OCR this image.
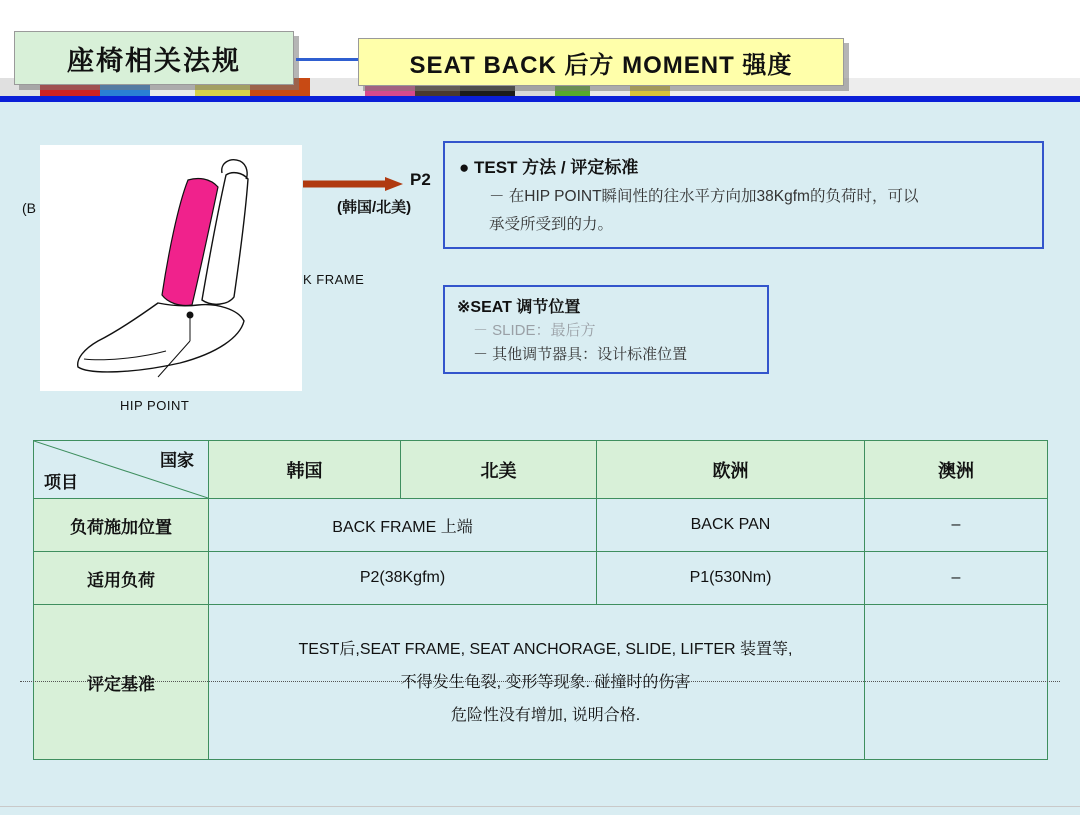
座椅相关法规	SEAT BACK 后方 MOMENT 强度
HIP POINT
(B
K FRAME
P2
(韩国/北美)
● TEST 方法 / 评定标准
－ 在HIP POINT瞬间性的往水平方向加38Kgfm的负荷时，可以
承受所受到的力。
※SEAT 调节位置
－ SLIDE：最后方
－ 其他调节器具：设计标准位置
国家
项目	韩国	北美	欧洲	澳洲
负荷施加位置	BACK FRAME 上端		BACK PAN	–
适用负荷	P2(38Kgfm)		P1(530Nm)	–
评定基准	TEST后,SEAT FRAME, SEAT ANCHORAGE, SLIDE, LIFTER 装置等,
不得发生龟裂, 变形等现象. 碰撞时的伤害
危险性没有增加, 说明合格.			
